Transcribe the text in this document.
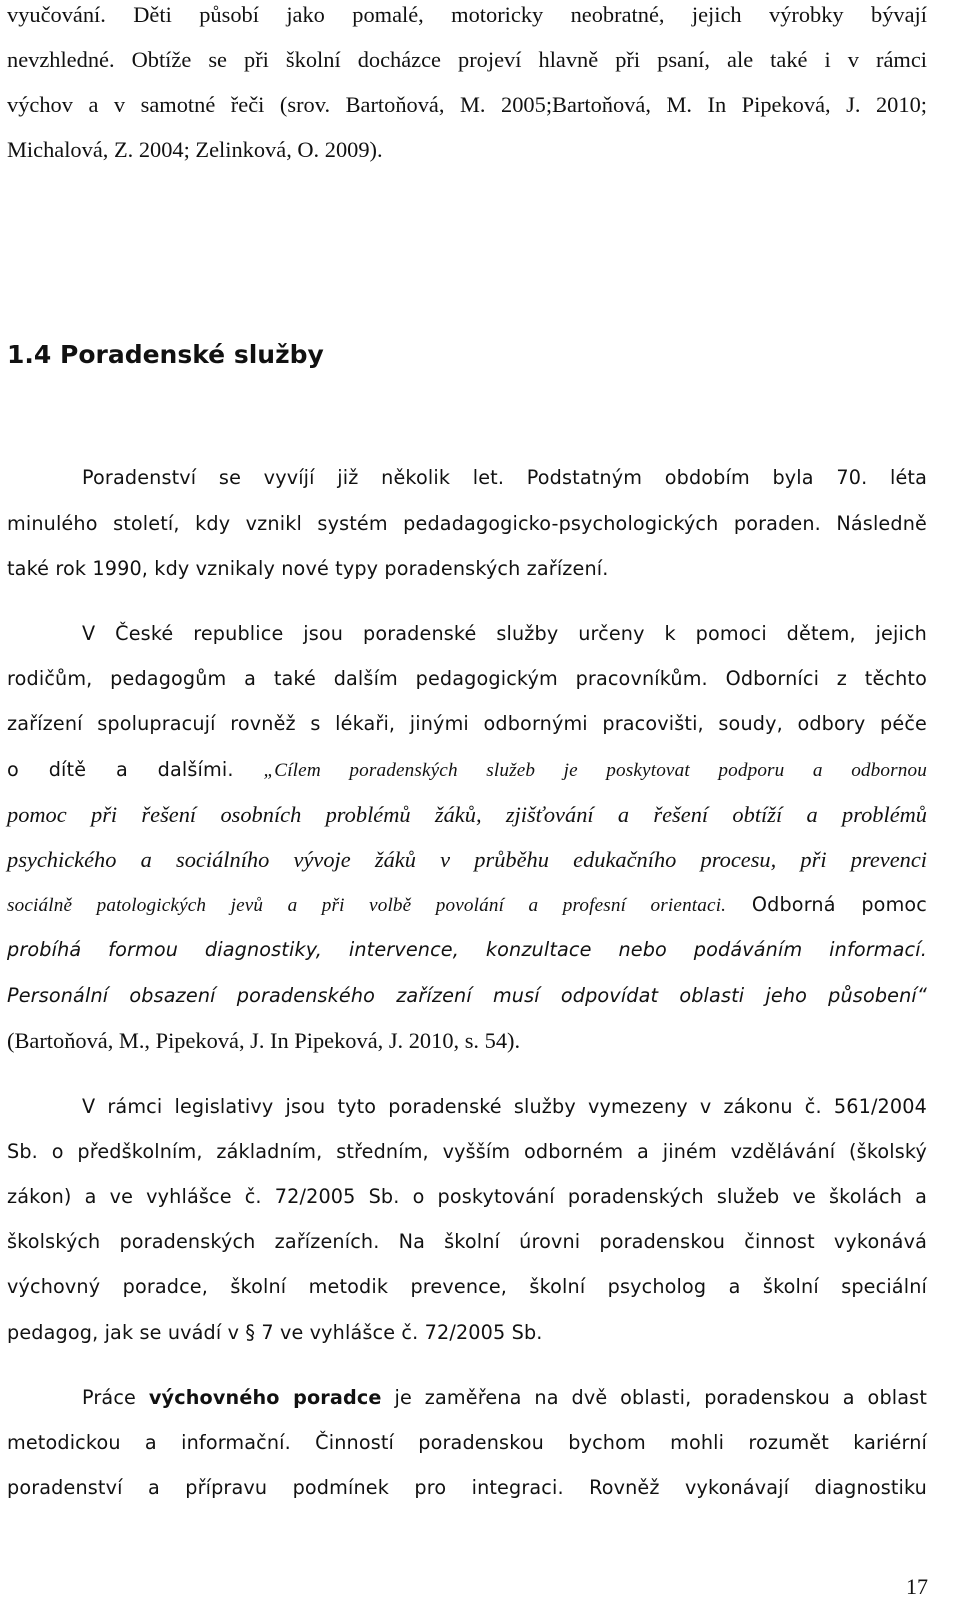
vyučování. Děti působí jako pomalé, motoricky neobratné, jejich výrobky bývají
nevzhledné. Obtíže se při školní docházce projeví hlavně při psaní, ale také i v rámci
výchov a v samotné řeči (srov. Bartoňová, M. 2005;Bartoňová, M. In Pipeková, J. 2010;
Michalová, Z. 2004; Zelinková, O. 2009).
1.4 Poradenské služby
Poradenství se vyvíjí již několik let. Podstatným obdobím byla 70. léta
minulého století, kdy vznikl systém pedadagogicko-psychologických poraden. Následně
také rok 1990, kdy vznikaly nové typy poradenských zařízení.
V České republice jsou poradenské služby určeny k pomoci dětem, jejich
rodičům, pedagogům a také dalším pedagogickým pracovníkům. Odborníci z těchto
zařízení spolupracují rovněž s lékaři, jinými odbornými pracovišti, soudy, odbory péče
o dítě a dalšími. „Cílem poradenských služeb je poskytovat podporu a odbornou
pomoc při řešení osobních problémů žáků, zjišťování a řešení obtíží a problémů
psychického a sociálního vývoje žáků v průběhu edukačního procesu, při prevenci
sociálně patologických jevů a při volbě povolání a profesní orientaci. Odborná pomoc
probíhá formou diagnostiky, intervence, konzultace nebo podáváním informací.
Personální obsazení poradenského zařízení musí odpovídat oblasti jeho působení“
(Bartoňová, M., Pipeková, J. In Pipeková, J. 2010, s. 54).
V rámci legislativy jsou tyto poradenské služby vymezeny v zákonu č. 561/2004
Sb. o předškolním, základním, středním, vyšším odborném a jiném vzdělávání (školský
zákon) a ve vyhlášce č. 72/2005 Sb. o poskytování poradenských služeb ve školách a
školských poradenských zařízeních. Na školní úrovni poradenskou činnost vykonává
výchovný poradce, školní metodik prevence, školní psycholog a školní speciální
pedagog, jak se uvádí v § 7 ve vyhlášce č. 72/2005 Sb.
Práce výchovného poradce je zaměřena na dvě oblasti, poradenskou a oblast
metodickou a informační. Činností poradenskou bychom mohli rozumět kariérní
poradenství a přípravu podmínek pro integraci. Rovněž vykonávají diagnostiku
17
